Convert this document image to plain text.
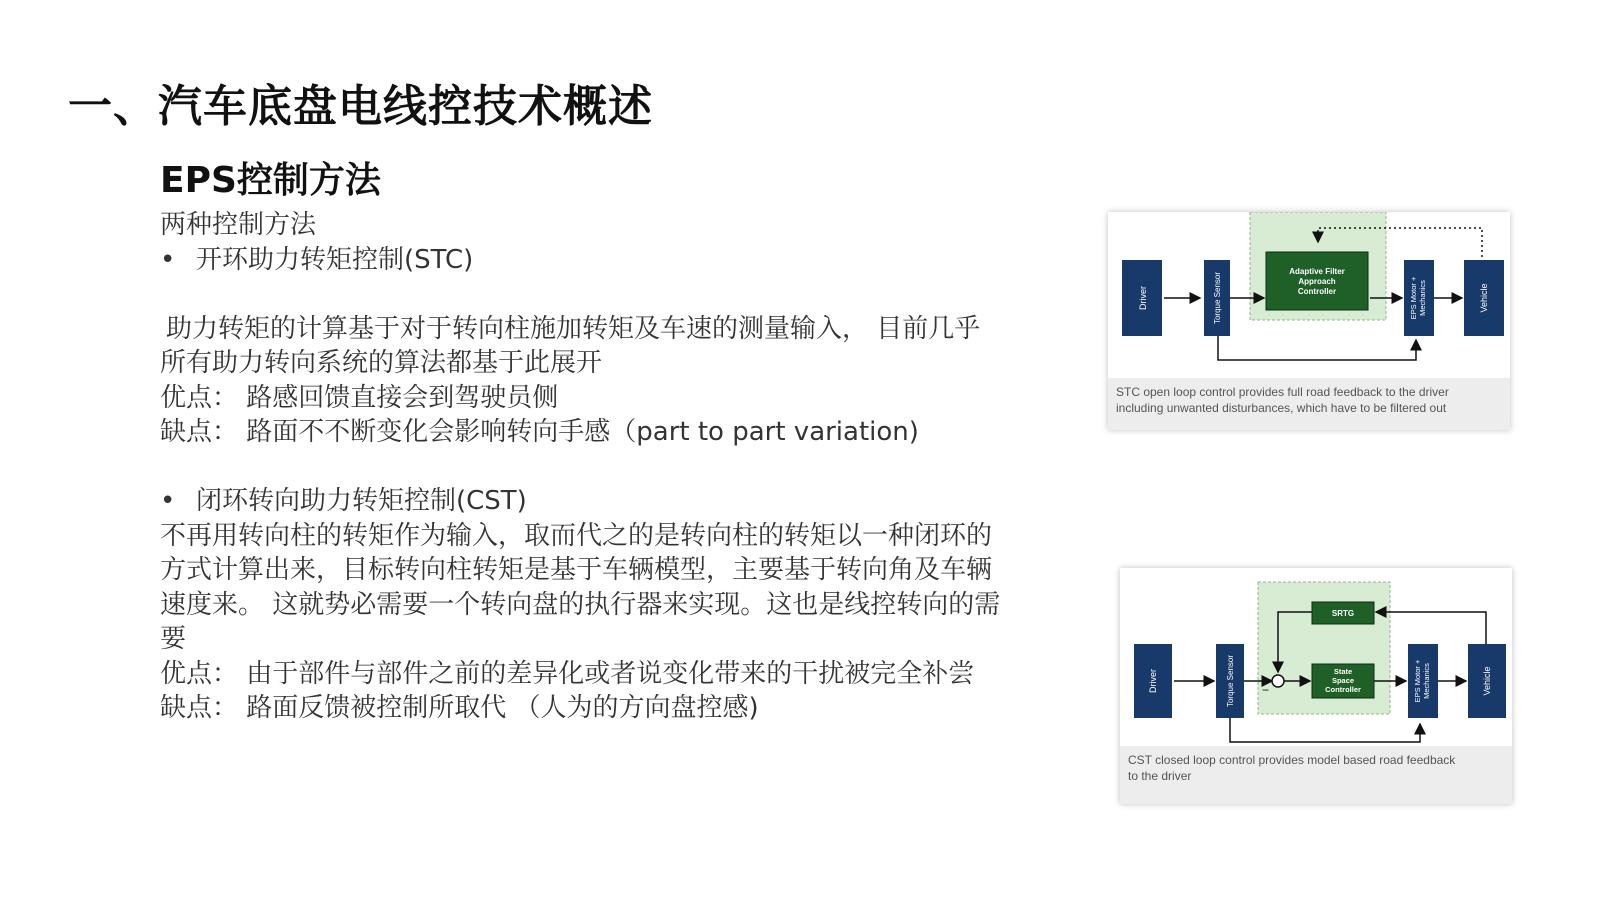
一、汽车底盘电线控技术概述
EPS控制方法
两种控制方法
• 开环助力转矩控制(STC)
助力转矩的计算基于对于转向柱施加转矩及车速的测量输入， 目前几乎
所有助力转向系统的算法都基于此展开
优点： 路感回馈直接会到驾驶员侧
缺点： 路面不不断变化会影响转向手感（part to part variation)
• 闭环转向助力转矩控制(CST)
不再用转向柱的转矩作为输入，取而代之的是转向柱的转矩以一种闭环的
方式计算出来，目标转向柱转矩是基于车辆模型，主要基于转向角及车辆
速度来。 这就势必需要一个转向盘的执行器来实现。这也是线控转向的需
要
优点： 由于部件与部件之前的差异化或者说变化带来的干扰被完全补尝
缺点： 路面反馈被控制所取代 （人为的方向盘控感)
Driver	Torque Sensor
Adaptive Filter
Approach
Controller	EPS Motor + Mechanics	Vehicle
STC open loop control provides full road feedback to the driver
including unwanted disturbances, which have to be filtered out
−
Driver	Torque Sensor
SRTG
State
Space
Controller	EPS Motor + Mechanics	Vehicle
CST closed loop control provides model based road feedback
to the driver
